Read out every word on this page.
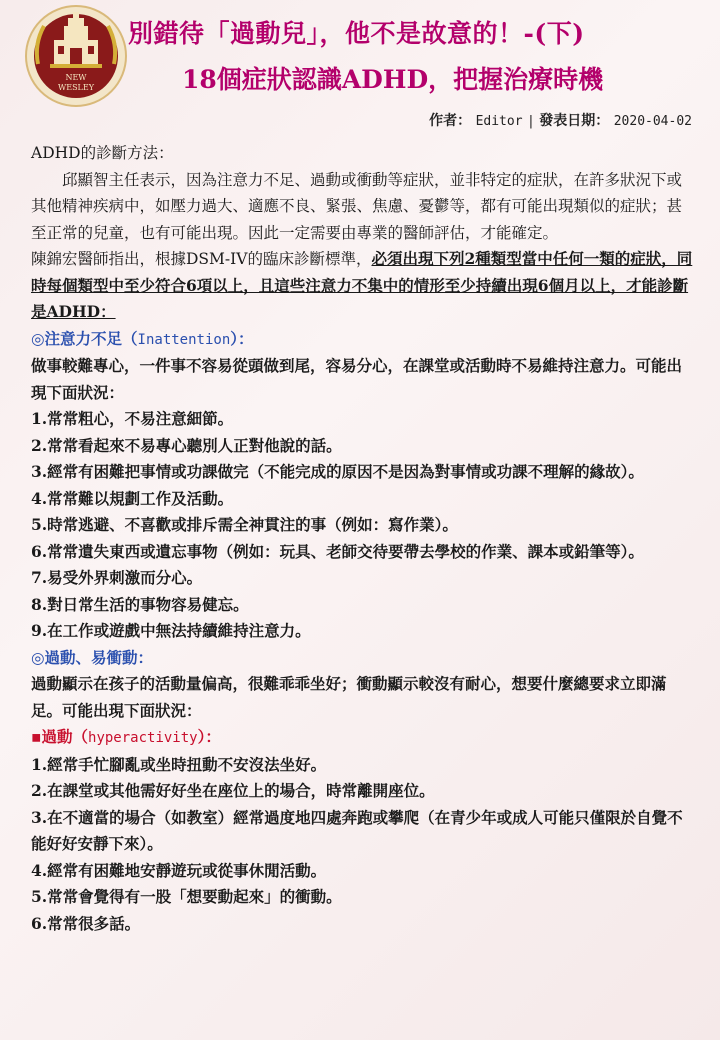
NEW
WESLEY
別錯待「過動兒」，他不是故意的！-(下)
18個症狀認識ADHD，把握治療時機
作者： Editor | 發表日期： 2020-04-02
ADHD的診斷方法：
邱顯智主任表示，因為注意力不足、過動或衝動等症狀，並非特定的症狀，在許多狀況下或其他精神疾病中，如壓力過大、適應不良、緊張、焦慮、憂鬱等，都有可能出現類似的症狀；甚至正常的兒童，也有可能出現。因此一定需要由專業的醫師評估，才能確定。
陳錦宏醫師指出，根據DSM-IV的臨床診斷標準，必須出現下列2種類型當中任何一類的症狀，同時每個類型中至少符合6項以上，且這些注意力不集中的情形至少持續出現6個月以上，才能診斷是ADHD：
◎注意力不足（Inattention）：
做事較難專心，一件事不容易從頭做到尾，容易分心，在課堂或活動時不易維持注意力。可能出現下面狀況：
1.常常粗心，不易注意細節。
2.常常看起來不易專心聽別人正對他說的話。
3.經常有困難把事情或功課做完（不能完成的原因不是因為對事情或功課不理解的緣故）。
4.常常難以規劃工作及活動。
5.時常逃避、不喜歡或排斥需全神貫注的事（例如：寫作業）。
6.常常遺失東西或遺忘事物（例如：玩具、老師交待要帶去學校的作業、課本或鉛筆等）。
7.易受外界刺激而分心。
8.對日常生活的事物容易健忘。
9.在工作或遊戲中無法持續維持注意力。
◎過動、易衝動：
過動顯示在孩子的活動量偏高，很難乖乖坐好；衝動顯示較沒有耐心，想要什麼總要求立即滿足。可能出現下面狀況：
▪過動（hyperactivity）：
1.經常手忙腳亂或坐時扭動不安沒法坐好。
2.在課堂或其他需好好坐在座位上的場合，時常離開座位。
3.在不適當的場合（如教室）經常過度地四處奔跑或攀爬（在青少年或成人可能只僅限於自覺不能好好安靜下來）。
4.經常有困難地安靜遊玩或從事休閒活動。
5.常常會覺得有一股「想要動起來」的衝動。
6.常常很多話。
